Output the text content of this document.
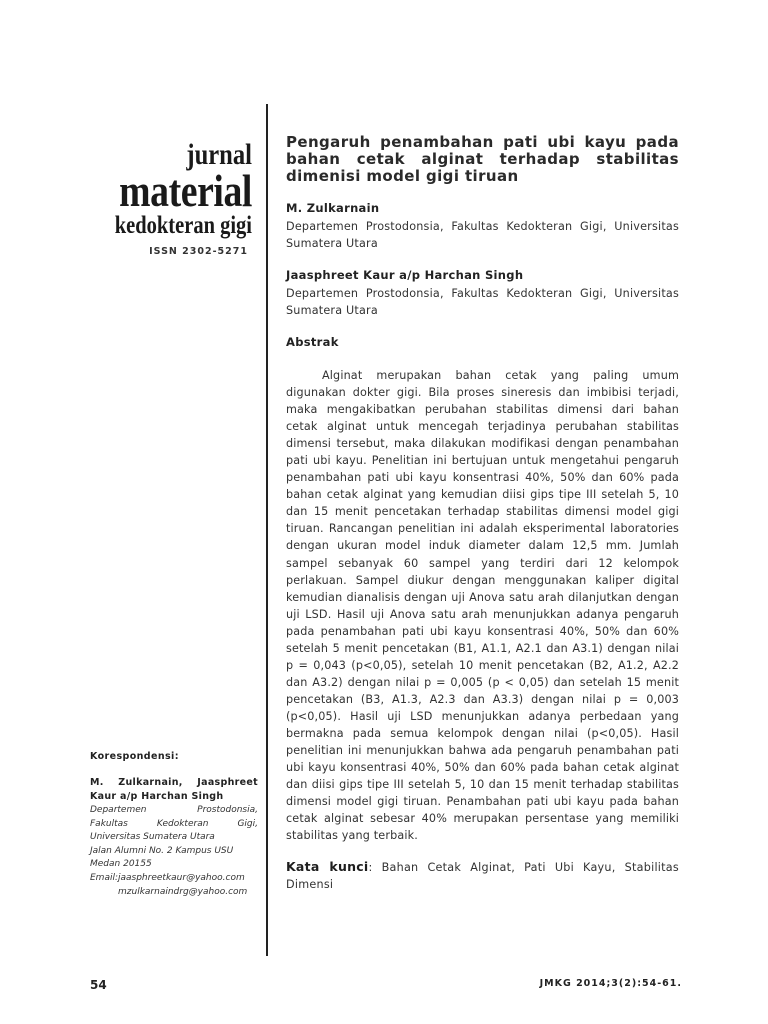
jurnal
material
kedokteran gigi
ISSN 2302-5271
Pengaruh penambahan pati ubi kayu pada bahan cetak alginat terhadap stabilitas dimenisi model gigi tiruan
M. Zulkarnain
Departemen Prostodonsia, Fakultas Kedokteran Gigi, Universitas Sumatera Utara
Jaasphreet Kaur a/p Harchan Singh
Departemen Prostodonsia, Fakultas Kedokteran Gigi, Universitas Sumatera Utara
Abstrak

Alginat merupakan bahan cetak yang paling umum digunakan dokter gigi. Bila proses sineresis dan imbibisi terjadi, maka mengakibatkan perubahan stabilitas dimensi dari bahan cetak alginat untuk mencegah terjadinya perubahan stabilitas dimensi tersebut, maka dilakukan modifikasi dengan penambahan pati ubi kayu. Penelitian ini bertujuan untuk mengetahui pengaruh penambahan pati ubi kayu konsentrasi 40%, 50% dan 60% pada bahan cetak alginat yang kemudian diisi gips tipe III setelah 5, 10 dan 15 menit pencetakan terhadap stabilitas dimensi model gigi tiruan. Rancangan penelitian ini adalah eksperimental laboratories dengan ukuran model induk diameter dalam 12,5 mm. Jumlah sampel sebanyak 60 sampel yang terdiri dari 12 kelompok perlakuan. Sampel diukur dengan menggunakan kaliper digital kemudian dianalisis dengan uji Anova satu arah dilanjutkan dengan uji LSD. Hasil uji Anova satu arah menunjukkan adanya pengaruh pada penambahan pati ubi kayu konsentrasi 40%, 50% dan 60% setelah 5 menit pencetakan (B1, A1.1, A2.1 dan A3.1) dengan nilai p = 0,043 (p<0,05), setelah 10 menit pencetakan (B2, A1.2, A2.2 dan A3.2) dengan nilai p = 0,005 (p < 0,05) dan setelah 15 menit pencetakan (B3, A1.3, A2.3 dan A3.3) dengan nilai p = 0,003 (p<0,05). Hasil uji LSD menunjukkan adanya perbedaan yang bermakna pada semua kelompok dengan nilai (p<0,05). Hasil penelitian ini menunjukkan bahwa ada pengaruh penambahan pati ubi kayu konsentrasi 40%, 50% dan 60% pada bahan cetak alginat dan diisi gips tipe III setelah 5, 10 dan 15 menit terhadap stabilitas dimensi model gigi tiruan. Penambahan pati ubi kayu pada bahan cetak alginat sebesar 40% merupakan persentase yang memiliki stabilitas yang terbaik.

Kata kunci: Bahan Cetak Alginat, Pati Ubi Kayu, Stabilitas Dimensi
Korespondensi:
M. Zulkarnain, Jaasphreet Kaur a/p Harchan Singh
Departemen Prostodonsia,
Fakultas Kedokteran Gigi,
Universitas Sumatera Utara
Jalan Alumni No. 2 Kampus USU
Medan 20155
Email:jaasphreetkaur@yahoo.com
mzulkarnaindrg@yahoo.com
54	JMKG 2014;3(2):54-61.
